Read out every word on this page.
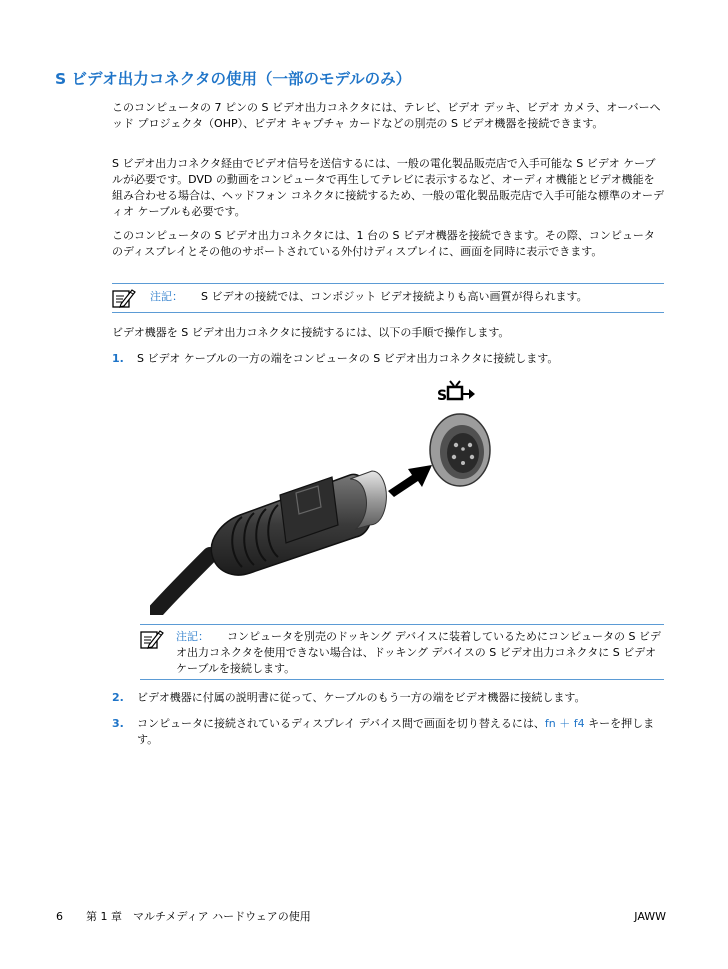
S ビデオ出力コネクタの使用（一部のモデルのみ）

このコンピュータの 7 ピンの S ビデオ出力コネクタには、テレビ、ビデオ デッキ、ビデオ カメラ、オーバーヘッド プロジェクタ（OHP）、ビデオ キャプチャ カードなどの別売の S ビデオ機器を接続できます。

S ビデオ出力コネクタ経由でビデオ信号を送信するには、一般の電化製品販売店で入手可能な S ビデオ ケーブルが必要です。DVD の動画をコンピュータで再生してテレビに表示するなど、オーディオ機能とビデオ機能を組み合わせる場合は、ヘッドフォン コネクタに接続するため、一般の電化製品販売店で入手可能な標準のオーディオ ケーブルも必要です。

このコンピュータの S ビデオ出力コネクタには、1 台の S ビデオ機器を接続できます。その際、コンピュータのディスプレイとその他のサポートされている外付けディスプレイに、画面を同時に表示できます。

注記： S ビデオの接続では、コンポジット ビデオ接続よりも高い画質が得られます。

ビデオ機器を S ビデオ出力コネクタに接続するには、以下の手順で操作します。

1. S ビデオ ケーブルの一方の端をコンピュータの S ビデオ出力コネクタに接続します。

S

注記： コンピュータを別売のドッキング デバイスに装着しているためにコンピュータの S ビデオ出力コネクタを使用できない場合は、ドッキング デバイスの S ビデオ出力コネクタに S ビデオ ケーブルを接続します。

2. ビデオ機器に付属の説明書に従って、ケーブルのもう一方の端をビデオ機器に接続します。

3. コンピュータに接続されているディスプレイ デバイス間で画面を切り替えるには、fn ＋ f4 キーを押します。

6 第 1 章　マルチメディア ハードウェアの使用	JAWW
